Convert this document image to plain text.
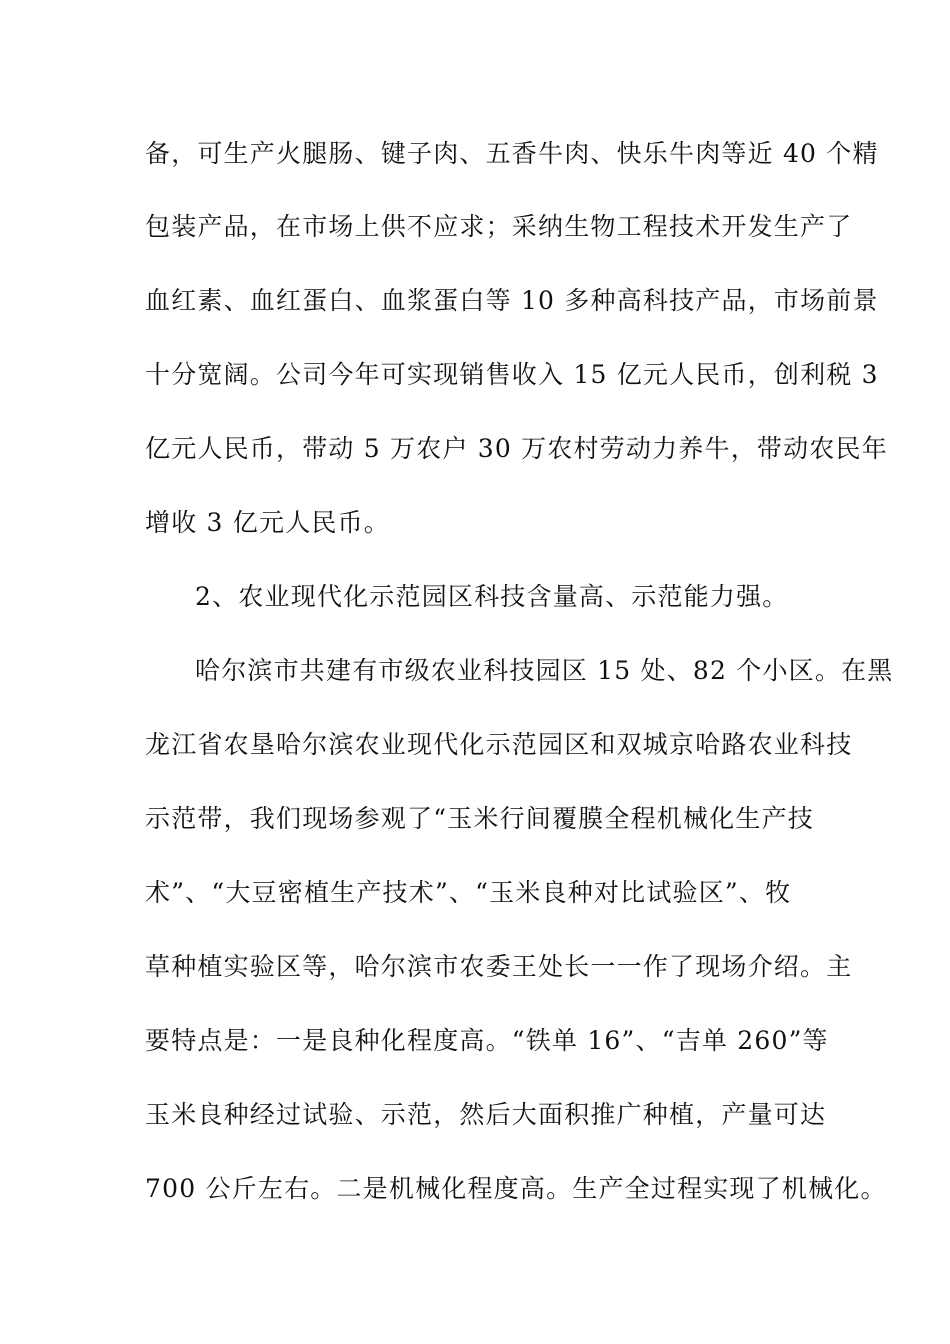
备，可生产火腿肠、键子肉、五香牛肉、快乐牛肉等近 40 个精
包装产品，在市场上供不应求；采纳生物工程技术开发生产了
血红素、血红蛋白、血浆蛋白等 10 多种高科技产品，市场前景
十分宽阔。公司今年可实现销售收入 15 亿元人民币，创利税 3
亿元人民币，带动 5 万农户 30 万农村劳动力养牛，带动农民年
增收 3 亿元人民币。
2、农业现代化示范园区科技含量高、示范能力强。
哈尔滨市共建有市级农业科技园区 15 处、82 个小区。在黑
龙江省农垦哈尔滨农业现代化示范园区和双城京哈路农业科技
示范带，我们现场参观了“玉米行间覆膜全程机械化生产技
术”、“大豆密植生产技术”、“玉米良种对比试验区”、牧
草种植实验区等，哈尔滨市农委王处长一一作了现场介绍。主
要特点是：一是良种化程度高。“铁单 16”、“吉单 260”等
玉米良种经过试验、示范，然后大面积推广种植，产量可达
700 公斤左右。二是机械化程度高。生产全过程实现了机械化。
